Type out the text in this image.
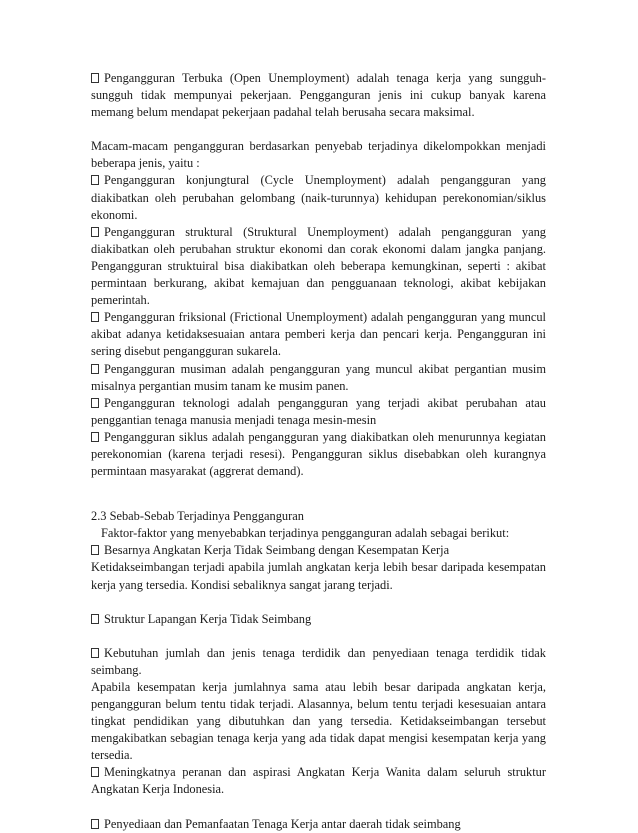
Pengangguran Terbuka (Open Unemployment) adalah tenaga kerja yang sungguh-sungguh tidak mempunyai pekerjaan. Pengganguran jenis ini cukup banyak karena memang belum mendapat pekerjaan padahal telah berusaha secara maksimal.

Macam-macam pengangguran berdasarkan penyebab terjadinya dikelompokkan menjadi beberapa jenis, yaitu :

Pengangguran konjungtural (Cycle Unemployment) adalah pengangguran yang diakibatkan oleh perubahan gelombang (naik-turunnya) kehidupan perekonomian/siklus ekonomi.

Pengangguran struktural (Struktural Unemployment) adalah pengangguran yang diakibatkan oleh perubahan struktur ekonomi dan corak ekonomi dalam jangka panjang. Pengangguran struktuiral bisa diakibatkan oleh beberapa kemungkinan, seperti : akibat permintaan berkurang, akibat kemajuan dan pengguanaan teknologi, akibat kebijakan pemerintah.

Pengangguran friksional (Frictional Unemployment) adalah pengangguran yang muncul akibat adanya ketidaksesuaian antara pemberi kerja dan pencari kerja. Pengangguran ini sering disebut pengangguran sukarela.

Pengangguran musiman adalah pengangguran yang muncul akibat pergantian musim misalnya pergantian musim tanam ke musim panen.

Pengangguran teknologi adalah pengangguran yang terjadi akibat perubahan atau penggantian tenaga manusia menjadi tenaga mesin-mesin

Pengangguran siklus adalah pengangguran yang diakibatkan oleh menurunnya kegiatan perekonomian (karena terjadi resesi). Pengangguran siklus disebabkan oleh kurangnya permintaan masyarakat (aggrerat demand).

2.3 Sebab-Sebab Terjadinya Pengganguran

Faktor-faktor yang menyebabkan terjadinya pengganguran adalah sebagai berikut:

Besarnya Angkatan Kerja Tidak Seimbang dengan Kesempatan Kerja

Ketidakseimbangan terjadi apabila jumlah angkatan kerja lebih besar daripada kesempatan kerja yang tersedia. Kondisi sebaliknya sangat jarang terjadi.

Struktur Lapangan Kerja Tidak Seimbang

Kebutuhan jumlah dan jenis tenaga terdidik dan penyediaan tenaga terdidik tidak seimbang.

Apabila kesempatan kerja jumlahnya sama atau lebih besar daripada angkatan kerja, pengangguran belum tentu tidak terjadi. Alasannya, belum tentu terjadi kesesuaian antara tingkat pendidikan yang dibutuhkan dan yang tersedia. Ketidakseimbangan tersebut mengakibatkan sebagian tenaga kerja yang ada tidak dapat mengisi kesempatan kerja yang tersedia.

Meningkatnya peranan dan aspirasi Angkatan Kerja Wanita dalam seluruh struktur Angkatan Kerja Indonesia.

Penyediaan dan Pemanfaatan Tenaga Kerja antar daerah tidak seimbang
